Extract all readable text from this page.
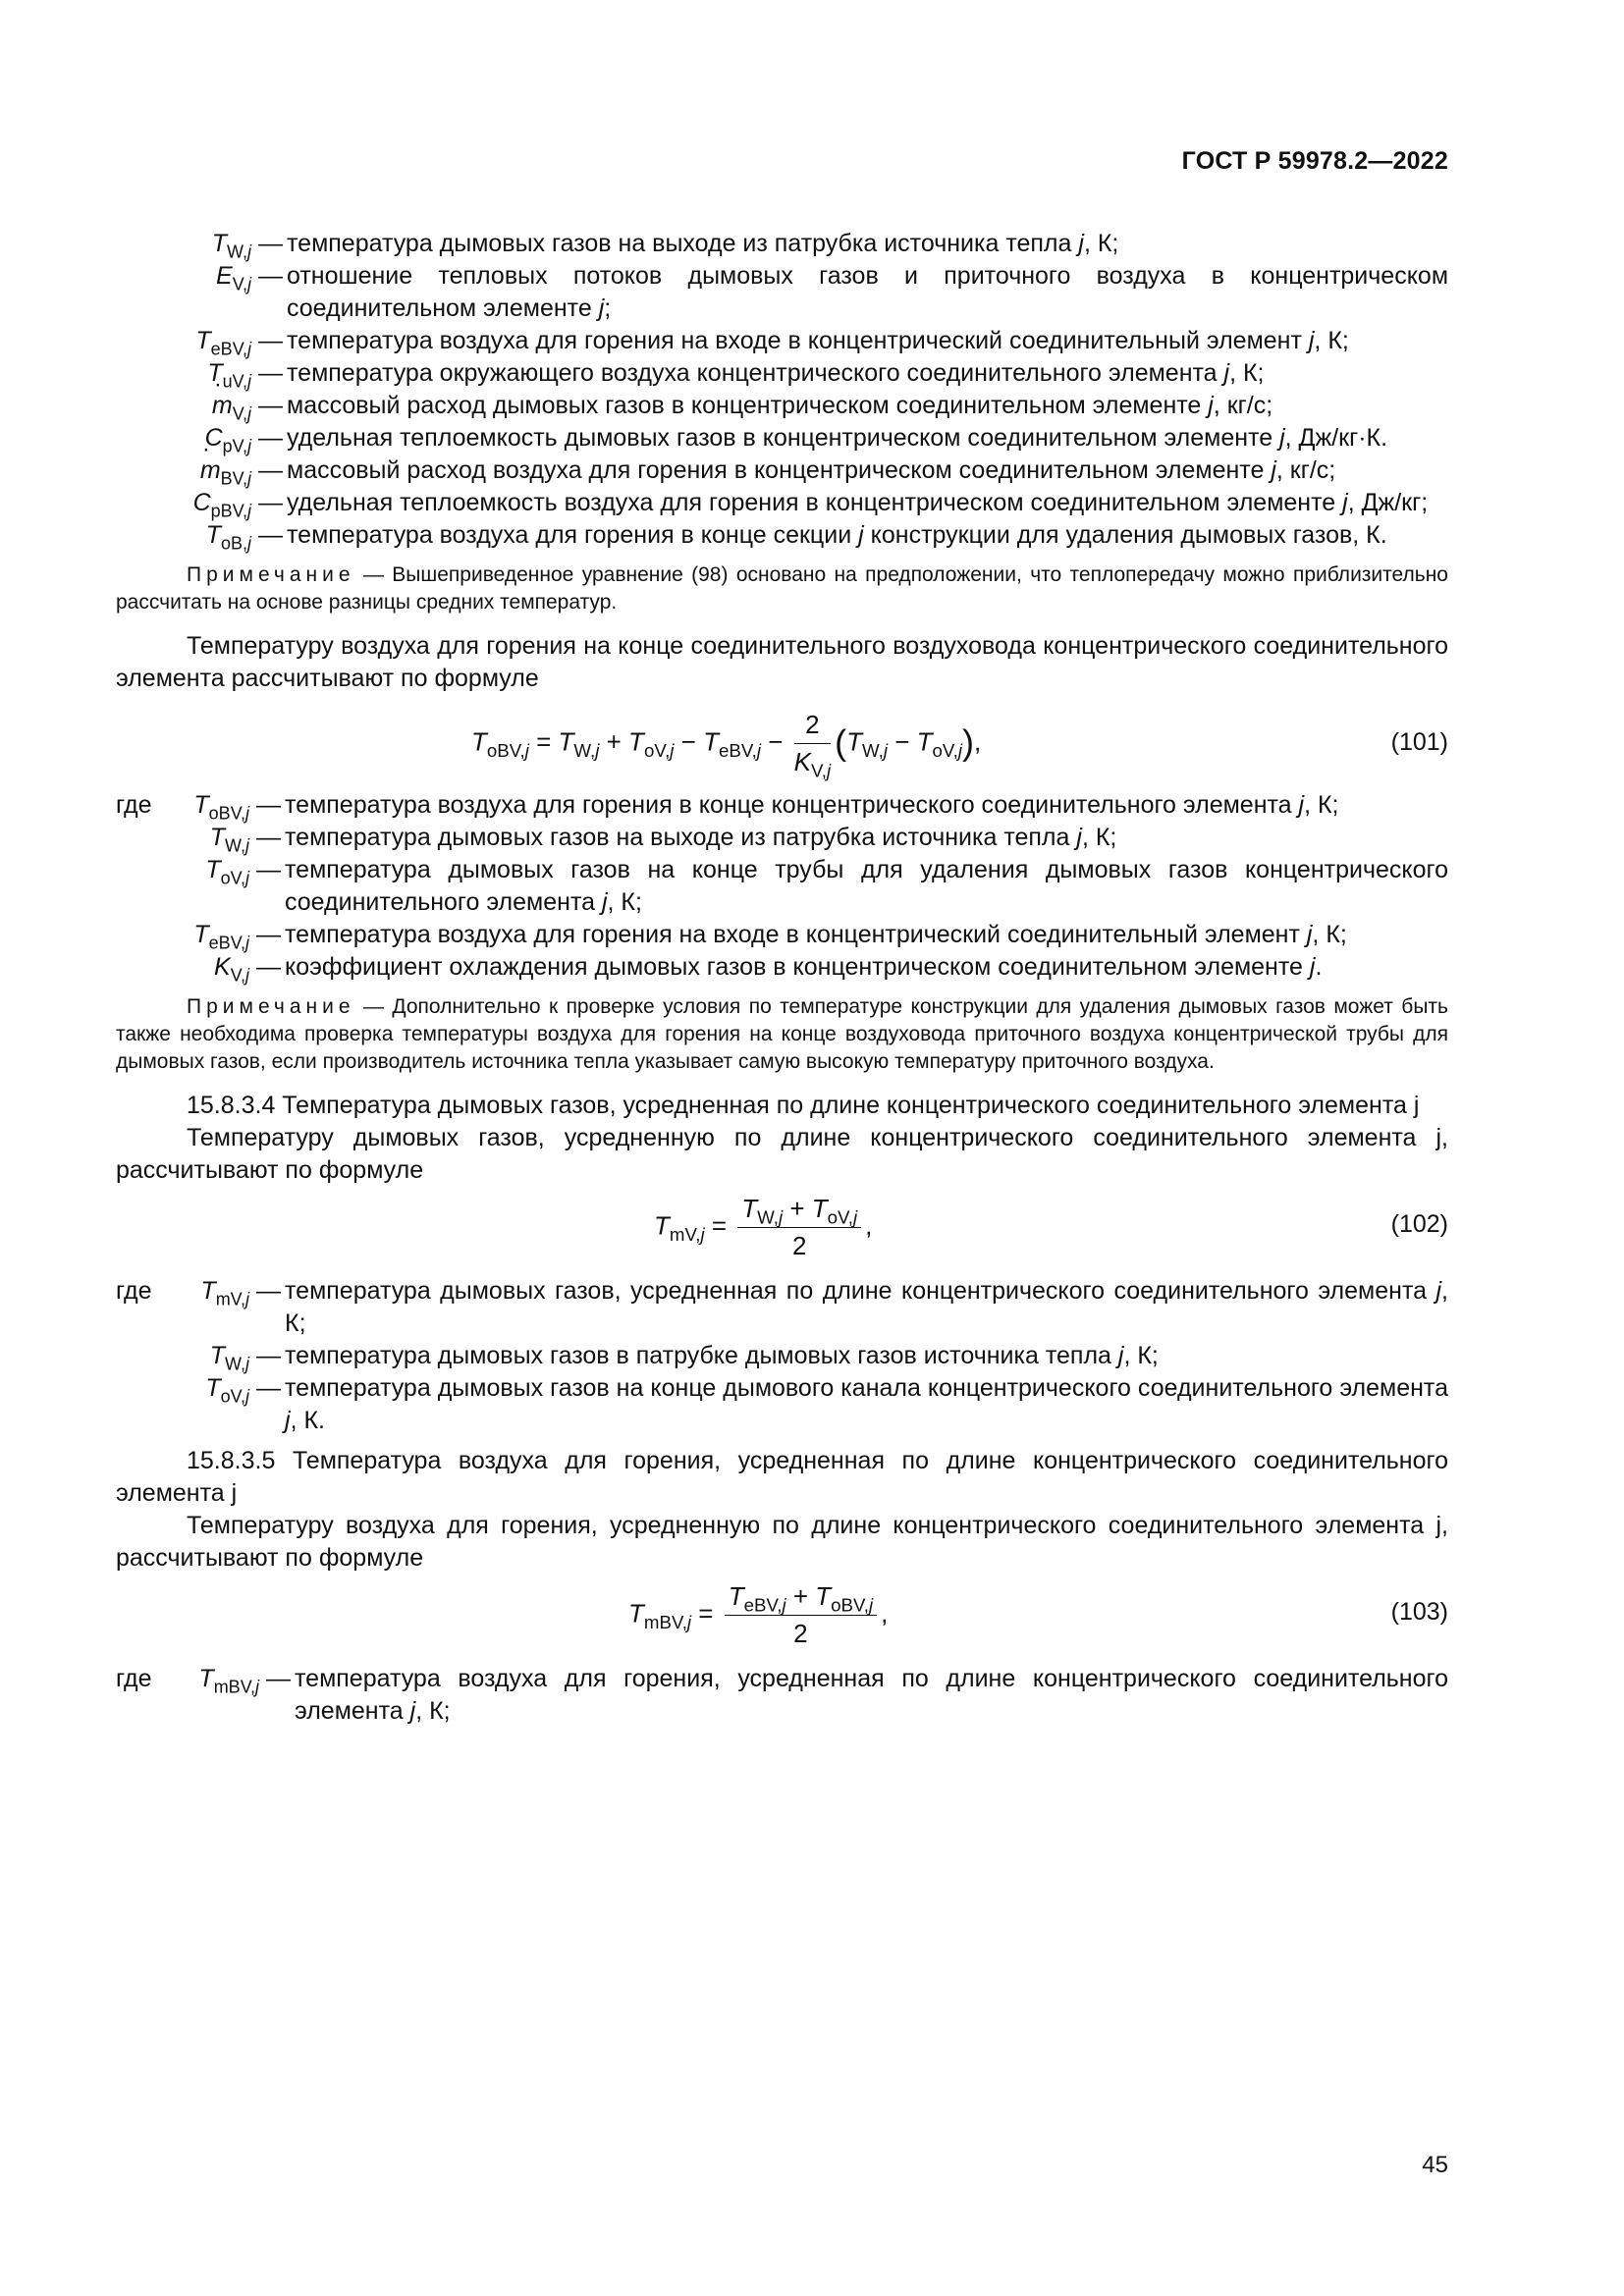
ГОСТ Р 59978.2—2022
$T_{W,j}$ — температура дымовых газов на выходе из патрубка источника тепла j, К;
$E_{V,j}$ — отношение тепловых потоков дымовых газов и приточного воздуха в концентрическом соединительном элементе j;
$T_{eBV,j}$ — температура воздуха для горения на входе в концентрический соединительный элемент j, К;
$T_{uV,j}$ — температура окружающего воздуха концентрического соединительного элемента j, К;
· $m_{V,j}$ — массовый расход дымовых газов в концентрическом соединительном элементе j, кг/с;
$C_{pV,j}$ — удельная теплоемкость дымовых газов в концентрическом соединительном элементе j, Дж/кг·К.
· $m_{BV,j}$ — массовый расход воздуха для горения в концентрическом соединительном элементе j, кг/с;
$C_{pBV,j}$ — удельная теплоемкость воздуха для горения в концентрическом соединительном элементе j, Дж/кг;
$T_{oB,j}$ — температура воздуха для горения в конце секции j конструкции для удаления дымовых газов, К.
Примечание — Вышеприведенное уравнение (98) основано на предположении, что теплопередачу можно приблизительно рассчитать на основе разницы средних температур.

Температуру воздуха для горения на конце соединительного воздуховода концентрического соединительного элемента рассчитывают по формуле

$T_{oBV,j} = T_{W,j} + T_{oV,j} - T_{eBV,j} - \frac{2}{K_{V,j}} (T_{W,j} - T_{oV,j})$,	(101)
где $T_{oBV,j}$ — температура воздуха для горения в конце концентрического соединительного элемента j, К;
$T_{W,j}$ — температура дымовых газов на выходе из патрубка источника тепла j, К;
$T_{oV,j}$ — температура дымовых газов на конце трубы для удаления дымовых газов концентрического соединительного элемента j, К;
$T_{eBV,j}$ — температура воздуха для горения на входе в концентрический соединительный элемент j, К;
$K_{V,j}$ — коэффициент охлаждения дымовых газов в концентрическом соединительном элементе j.
Примечание — Дополнительно к проверке условия по температуре конструкции для удаления дымовых газов может быть также необходима проверка температуры воздуха для горения на конце воздуховода приточного воздуха концентрической трубы для дымовых газов, если производитель источника тепла указывает самую высокую температуру приточного воздуха.

15.8.3.4 Температура дымовых газов, усредненная по длине концентрического соединительного элемента j

Температуру дымовых газов, усредненную по длине концентрического соединительного элемента j, рассчитывают по формуле

$T_{mV,j} = \frac{T_{W,j} + T_{oV,j}}{2}$ ,	(102)
где $T_{mV,j}$ — температура дымовых газов, усредненная по длине концентрического соединительного элемента j, К;
$T_{W,j}$ — температура дымовых газов в патрубке дымовых газов источника тепла j, К;
$T_{oV,j}$ — температура дымовых газов на конце дымового канала концентрического соединительного элемента j, К.

15.8.3.5 Температура воздуха для горения, усредненная по длине концентрического соединительного элемента j

Температуру воздуха для горения, усредненную по длине концентрического соединительного элемента j, рассчитывают по формуле

$T_{mBV,j} = \frac{T_{eBV,j} + T_{oBV,j}}{2}$ ,	(103)
где $T_{mBV,j}$ — температура воздуха для горения, усредненная по длине концентрического соединительного элемента j, К;
45
